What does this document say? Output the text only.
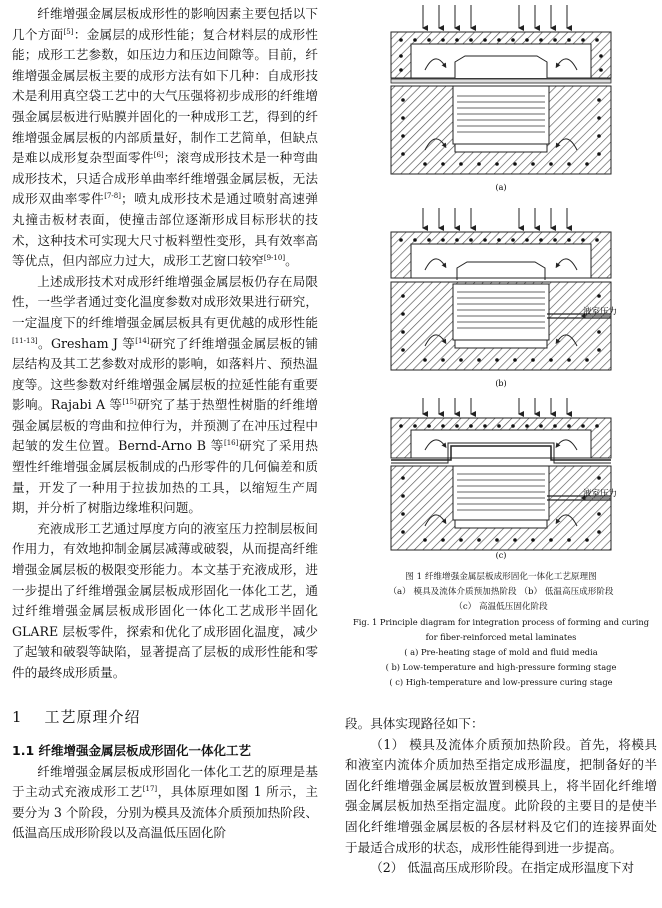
纤维增强金属层板成形性的影响因素主要包括以下几个方面[5]：金属层的成形性能；复合材料层的成形性能；成形工艺参数，如压边力和压边间隙等。目前，纤维增强金属层板主要的成形方法有如下几种：自成形技术是利用真空袋工艺中的大气压强将初步成形的纤维增强金属层板进行贴膜并固化的一种成形工艺，得到的纤维增强金属层板的内部质量好，制作工艺简单，但缺点是难以成形复杂型面零件[6]；滚弯成形技术是一种弯曲成形技术，只适合成形单曲率纤维增强金属层板，无法成形双曲率零件[7-8]；喷丸成形技术是通过喷射高速弹丸撞击板材表面，使撞击部位逐渐形成目标形状的技术，这种技术可实现大尺寸板料塑性变形，具有效率高等优点，但内部应力过大，成形工艺窗口较窄[9-10]。

上述成形技术对成形纤维增强金属层板仍存在局限性，一些学者通过变化温度参数对成形效果进行研究，一定温度下的纤维增强金属层板具有更优越的成形性能[11-13]。Gresham J 等[14]研究了纤维增强金属层板的铺层结构及其工艺参数对成形的影响，如落料片、预热温度等。这些参数对纤维增强金属层板的拉延性能有重要影响。Rajabi A 等[15]研究了基于热塑性树脂的纤维增强金属层板的弯曲和拉伸行为，并预测了在冲压过程中起皱的发生位置。Bernd-Arno B 等[16]研究了采用热塑性纤维增强金属层板制成的凸形零件的几何偏差和质量，开发了一种用于拉拔加热的工具，以缩短生产周期，并分析了树脂边缘堆积问题。

充液成形工艺通过厚度方向的液室压力控制层板间作用力，有效地抑制金属层减薄或破裂，从而提高纤维增强金属层板的极限变形能力。本文基于充液成形，进一步提出了纤维增强金属层板成形固化一体化工艺，通过纤维增强金属层板成形固化一体化工艺成形半固化 GLARE 层板零件，探索和优化了成形固化温度，减少了起皱和破裂等缺陷，显著提高了层板的成形性能和零件的最终成形质量。

1 工艺原理介绍
1.1 纤维增强金属层板成形固化一体化工艺

纤维增强金属层板成形固化一体化工艺的原理是基于主动式充液成形工艺[17]，具体原理如图 1 所示，主要分为 3 个阶段，分别为模具及流体介质预加热阶段、低温高压成形阶段以及高温低压固化阶

(a)
液室压力
(b)
液室压力
(c)
图 1 纤维增强金属层板成形固化一体化工艺原理图
（a） 模具及流体介质预加热阶段 （b） 低温高压成形阶段
（c） 高温低压固化阶段
Fig. 1 Principle diagram for integration process of forming and curing
for fiber-reinforced metal laminates
( a) Pre-heating stage of mold and fluid media
( b) Low-temperature and high-pressure forming stage
( c) High-temperature and low-pressure curing stage

段。具体实现路径如下：

（1） 模具及流体介质预加热阶段。首先，将模具和液室内流体介质加热至指定成形温度，把制备好的半固化纤维增强金属层板放置到模具上，将半固化纤维增强金属层板加热至指定温度。此阶段的主要目的是使半固化纤维增强金属层板的各层材料及它们的连接界面处于最适合成形的状态，成形性能得到进一步提高。

（2） 低温高压成形阶段。在指定成形温度下对
